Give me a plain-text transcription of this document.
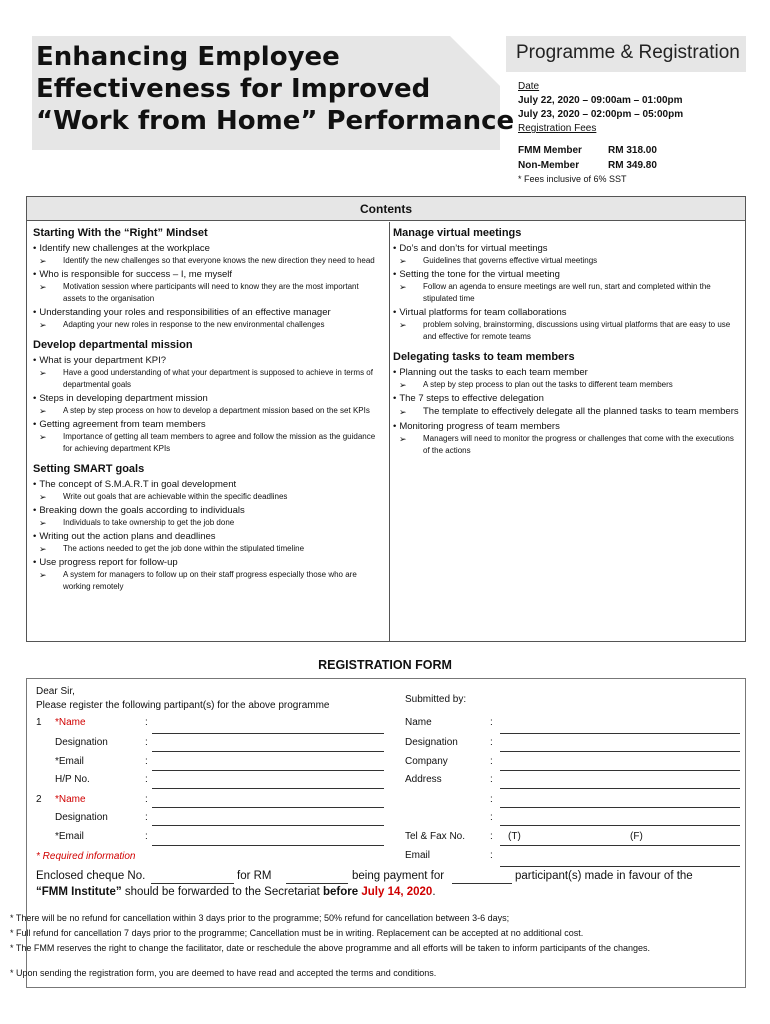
Enhancing Employee
Effectiveness for Improved
“Work from Home” Performance
Programme & Registration
Date
July 22, 2020 – 09:00am – 01:00pm
July 23, 2020 – 02:00pm – 05:00pm
Registration Fees
FMM Member	RM 318.00
Non-Member	RM 349.80
* Fees inclusive of 6% SST
Contents
Starting With the “Right” Mindset
• Identify new challenges at the workplace
➢ Identify the new challenges so that everyone knows the new direction they need to head
• Who is responsible for success – I, me myself
➢ Motivation session where participants will need to know they are the most important assets to the organisation
• Understanding your roles and responsibilities of an effective manager
➢ Adapting your new roles in response to the new environmental challenges
Develop departmental mission
• What is your department KPI?
➢ Have a good understanding of what your department is supposed to achieve in terms of departmental goals
• Steps in developing department mission
➢ A step by step process on how to develop a department mission based on the set KPIs
• Getting agreement from team members
➢ Importance of getting all team members to agree and follow the mission as the guidance for achieving department KPIs
Setting SMART goals
• The concept of S.M.A.R.T in goal development
➢ Write out goals that are achievable within the specific deadlines
• Breaking down the goals according to individuals
➢ Individuals to take ownership to get the job done
• Writing out the action plans and deadlines
➢ The actions needed to get the job done within the stipulated timeline
• Use progress report for follow-up
➢ A system for managers to follow up on their staff progress especially those who are working remotely
Manage virtual meetings
• Do’s and don’ts for virtual meetings
➢ Guidelines that governs effective virtual meetings
• Setting the tone for the virtual meeting
➢ Follow an agenda to ensure meetings are well run, start and completed within the stipulated time
• Virtual platforms for team collaborations
➢ problem solving, brainstorming, discussions using virtual platforms that are easy to use and effective for remote teams
Delegating tasks to team members
• Planning out the tasks to each team member
➢ A step by step process to plan out the tasks to different team members
• The 7 steps to effective delegation
➢ The template to effectively delegate all the planned tasks to team members
• Monitoring progress of team members
➢ Managers will need to monitor the progress or challenges that come with the executions of the actions
REGISTRATION FORM
Dear Sir,
Please register the following partipant(s) for the above programme
Submitted by:
1 *Name	:
Designation	:
*Email	:
H/P No.	:
2 *Name	:
Designation	:
*Email	:
* Required information
Name	:
Designation	:
Company	:
Address	:
:
:
Tel & Fax No. : (T)	(F)
Email	:
Enclosed cheque No.	for RM	being payment for	participant(s) made in favour of the
“FMM Institute” should be forwarded to the Secretariat before July 14, 2020.
* There will be no refund for cancellation within 3 days prior to the programme; 50% refund for cancellation between 3-6 days;
* Full refund for cancellation 7 days prior to the programme; Cancellation must be in writing. Replacement can be accepted at no additional cost.
* The FMM reserves the right to change the facilitator, date or reschedule the above programme and all efforts will be taken to inform participants of the changes.
* Upon sending the registration form, you are deemed to have read and accepted the terms and conditions.
